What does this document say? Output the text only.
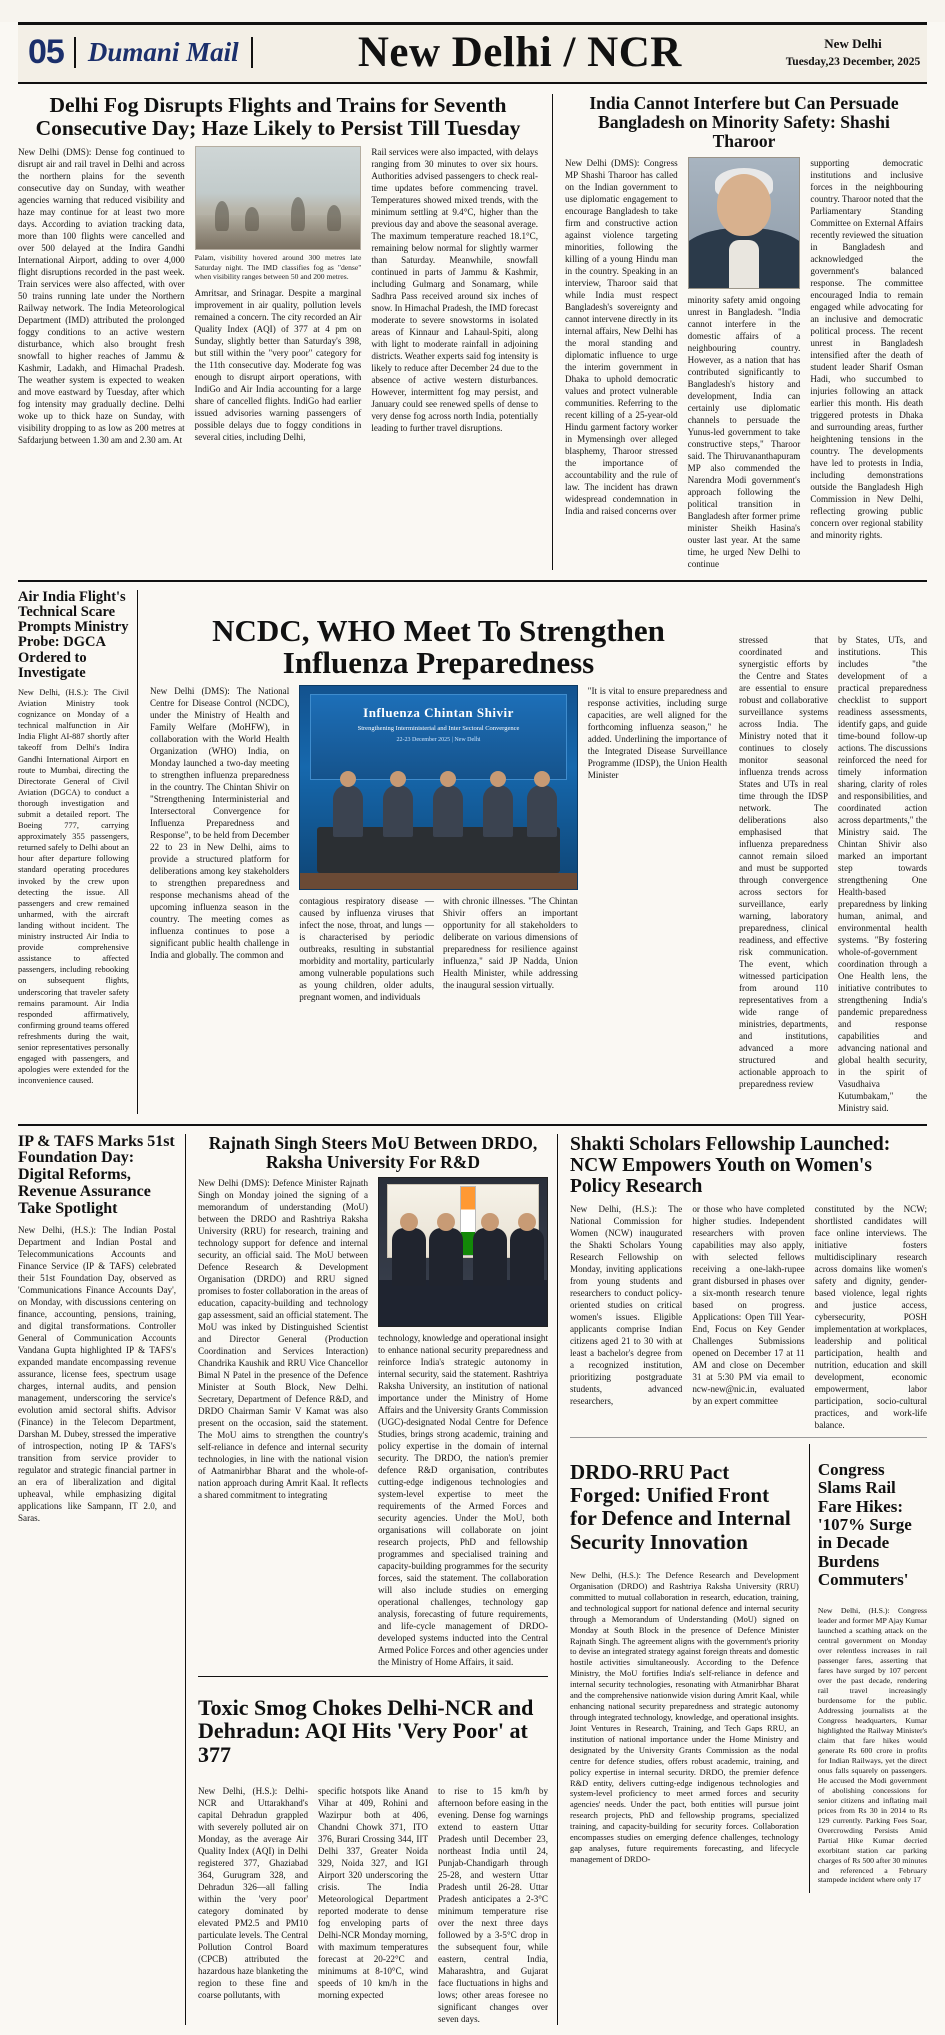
05 Dumani Mail	New Delhi / NCR	New Delhi
Tuesday,23 December, 2025
Delhi Fog Disrupts Flights and Trains for Seventh Consecutive Day; Haze Likely to Persist Till Tuesday

New Delhi (DMS): Dense fog continued to disrupt air and rail travel in Delhi and across the northern plains for the seventh consecutive day on Sunday, with weather agencies warning that reduced visibility and haze may continue for at least two more days. According to aviation tracking data, more than 100 flights were cancelled and over 500 delayed at the Indira Gandhi International Airport, adding to over 4,000 flight disruptions recorded in the past week. Train services were also affected, with over 50 trains running late under the Northern Railway network. The India Meteorological Department (IMD) attributed the prolonged foggy conditions to an active western disturbance, which also brought fresh snowfall to higher reaches of Jammu & Kashmir, Ladakh, and Himachal Pradesh. The weather system is expected to weaken and move eastward by Tuesday, after which fog intensity may gradually decline. Delhi woke up to thick haze on Sunday, with visibility dropping to as low as 200 metres at Safdarjung between 1.30 am and 2.30 am. At

Palam, visibility hovered around 300 metres late Saturday night. The IMD classifies fog as "dense" when visibility ranges between 50 and 200 metres.

Amritsar, and Srinagar. Despite a marginal improvement in air quality, pollution levels remained a concern. The city recorded an Air Quality Index (AQI) of 377 at 4 pm on Sunday, slightly better than Saturday's 398, but still within the "very poor" category for the 11th consecutive day. Moderate fog was enough to disrupt airport operations, with IndiGo and Air India accounting for a large share of cancelled flights. IndiGo had earlier issued advisories warning passengers of possible delays due to foggy conditions in several cities, including Delhi,

Rail services were also impacted, with delays ranging from 30 minutes to over six hours. Authorities advised passengers to check real-time updates before commencing travel. Temperatures showed mixed trends, with the minimum settling at 9.4°C, higher than the previous day and above the seasonal average. The maximum temperature reached 18.1°C, remaining below normal for slightly warmer than Saturday. Meanwhile, snowfall continued in parts of Jammu & Kashmir, including Gulmarg and Sonamarg, while Sadhra Pass received around six inches of snow. In Himachal Pradesh, the IMD forecast moderate to severe snowstorms in isolated areas of Kinnaur and Lahaul-Spiti, along with light to moderate rainfall in adjoining districts. Weather experts said fog intensity is likely to reduce after December 24 due to the absence of active western disturbances. However, intermittent fog may persist, and January could see renewed spells of dense to very dense fog across north India, potentially leading to further travel disruptions.

India Cannot Interfere but Can Persuade Bangladesh on Minority Safety: Shashi Tharoor

New Delhi (DMS): Congress MP Shashi Tharoor has called on the Indian government to use diplomatic engagement to encourage Bangladesh to take firm and constructive action against violence targeting minorities, following the killing of a young Hindu man in the country. Speaking in an interview, Tharoor said that while India must respect Bangladesh's sovereignty and cannot intervene directly in its internal affairs, New Delhi has the moral standing and diplomatic influence to urge the interim government in Dhaka to uphold democratic values and protect vulnerable communities. Referring to the recent killing of a 25-year-old Hindu garment factory worker in Mymensingh over alleged blasphemy, Tharoor stressed the importance of accountability and the rule of law. The incident has drawn widespread condemnation in India and raised concerns over

minority safety amid ongoing unrest in Bangladesh. "India cannot interfere in the domestic affairs of a neighbouring country. However, as a nation that has contributed significantly to Bangladesh's history and development, India can certainly use diplomatic channels to persuade the Yunus-led government to take constructive steps," Tharoor said. The Thiruvananthapuram MP also commended the Narendra Modi government's approach following the political transition in Bangladesh after former prime minister Sheikh Hasina's ouster last year. At the same time, he urged New Delhi to continue

supporting democratic institutions and inclusive forces in the neighbouring country. Tharoor noted that the Parliamentary Standing Committee on External Affairs recently reviewed the situation in Bangladesh and acknowledged the government's balanced response. The committee encouraged India to remain engaged while advocating for an inclusive and democratic political process. The recent unrest in Bangladesh intensified after the death of student leader Sharif Osman Hadi, who succumbed to injuries following an attack earlier this month. His death triggered protests in Dhaka and surrounding areas, further heightening tensions in the country. The developments have led to protests in India, including demonstrations outside the Bangladesh High Commission in New Delhi, reflecting growing public concern over regional stability and minority rights.

Air India Flight's Technical Scare Prompts Ministry Probe: DGCA Ordered to Investigate

New Delhi, (H.S.): The Civil Aviation Ministry took cognizance on Monday of a technical malfunction in Air India Flight AI-887 shortly after takeoff from Delhi's Indira Gandhi International Airport en route to Mumbai, directing the Directorate General of Civil Aviation (DGCA) to conduct a thorough investigation and submit a detailed report. The Boeing 777, carrying approximately 355 passengers, returned safely to Delhi about an hour after departure following standard operating procedures invoked by the crew upon detecting the issue. All passengers and crew remained unharmed, with the aircraft landing without incident. The ministry instructed Air India to provide comprehensive assistance to affected passengers, including rebooking on subsequent flights, underscoring that traveler safety remains paramount. Air India responded affirmatively, confirming ground teams offered refreshments during the wait, senior representatives personally engaged with passengers, and apologies were extended for the inconvenience caused.

NCDC, WHO Meet To Strengthen Influenza Preparedness

New Delhi (DMS): The National Centre for Disease Control (NCDC), under the Ministry of Health and Family Welfare (MoHFW), in collaboration with the World Health Organization (WHO) India, on Monday launched a two-day meeting to strengthen influenza preparedness in the country. The Chintan Shivir on "Strengthening Interministerial and Intersectoral Convergence for Influenza Preparedness and Response", to be held from December 22 to 23 in New Delhi, aims to provide a structured platform for deliberations among key stakeholders to strengthen preparedness and response mechanisms ahead of the upcoming influenza season in the country. The meeting comes as influenza continues to pose a significant public health challenge in India and globally. The common and

Influenza Chintan Shivir
Strengthening Interministerial and Inter Sectoral Convergence
22-23 December 2025 | New Delhi

contagious respiratory disease — caused by influenza viruses that infect the nose, throat, and lungs — is characterised by periodic outbreaks, resulting in substantial morbidity and mortality, particularly among vulnerable populations such as young children, older adults, pregnant women, and individuals

with chronic illnesses. "The Chintan Shivir offers an important opportunity for all stakeholders to deliberate on various dimensions of preparedness for resilience against influenza," said JP Nadda, Union Health Minister, while addressing the inaugural session virtually.

"It is vital to ensure preparedness and response activities, including surge capacities, are well aligned for the forthcoming influenza season," he added. Underlining the importance of the Integrated Disease Surveillance Programme (IDSP), the Union Health Minister

stressed that coordinated and synergistic efforts by the Centre and States are essential to ensure robust and collaborative surveillance systems across India. The Ministry noted that it continues to closely monitor seasonal influenza trends across States and UTs in real time through the IDSP network. The deliberations also emphasised that influenza preparedness cannot remain siloed and must be supported through convergence across sectors for surveillance, early warning, laboratory preparedness, clinical readiness, and effective risk communication. The event, which witnessed participation from around 110 representatives from a wide range of ministries, departments, and institutions, advanced a more structured and actionable approach to preparedness review

by States, UTs, and institutions. This includes "the development of a practical preparedness checklist to support readiness assessments, identify gaps, and guide time-bound follow-up actions. The discussions reinforced the need for timely information sharing, clarity of roles and responsibilities, and coordinated action across departments," the Ministry said. The Chintan Shivir also marked an important step towards strengthening One Health-based preparedness by linking human, animal, and environmental health systems. "By fostering whole-of-government coordination through a One Health lens, the initiative contributes to strengthening India's pandemic preparedness and response capabilities and advancing national and global health security, in the spirit of Vasudhaiva Kutumbakam," the Ministry said.

IP & TAFS Marks 51st Foundation Day: Digital Reforms, Revenue Assurance Take Spotlight

New Delhi, (H.S.): The Indian Postal Department and Indian Postal and Telecommunications Accounts and Finance Service (IP & TAFS) celebrated their 51st Foundation Day, observed as 'Communications Finance Accounts Day', on Monday, with discussions centering on finance, accounting, pensions, training, and digital transformations. Controller General of Communication Accounts Vandana Gupta highlighted IP & TAFS's expanded mandate encompassing revenue assurance, license fees, spectrum usage charges, internal audits, and pension management, underscoring the service's evolution amid sectoral shifts. Advisor (Finance) in the Telecom Department, Darshan M. Dubey, stressed the imperative of introspection, noting IP & TAFS's transition from service provider to regulator and strategic financial partner in an era of liberalization and digital upheaval, while emphasizing digital applications like Sampann, IT 2.0, and Saras.

Rajnath Singh Steers MoU Between DRDO, Raksha University For R&D

New Delhi (DMS): Defence Minister Rajnath Singh on Monday joined the signing of a memorandum of understanding (MoU) between the DRDO and Rashtriya Raksha University (RRU) for research, training and technology support for defence and internal security, an official said. The MoU between Defence Research & Development Organisation (DRDO) and RRU signed promises to foster collaboration in the areas of education, capacity-building and technology gap assessment, said an official statement. The MoU was inked by Distinguished Scientist and Director General (Production Coordination and Services Interaction) Chandrika Kaushik and RRU Vice Chancellor Bimal N Patel in the presence of the Defence Minister at South Block, New Delhi. Secretary, Department of Defence R&D, and DRDO Chairman Samir V Kamat was also present on the occasion, said the statement. The MoU aims to strengthen the country's self-reliance in defence and internal security technologies, in line with the national vision of Aatmanirbhar Bharat and the whole-of-nation approach during Amrit Kaal. It reflects a shared commitment to integrating

technology, knowledge and operational insight to enhance national security preparedness and reinforce India's strategic autonomy in internal security, said the statement. Rashtriya Raksha University, an institution of national importance under the Ministry of Home Affairs and the University Grants Commission (UGC)-designated Nodal Centre for Defence Studies, brings strong academic, training and policy expertise in the domain of internal security. The DRDO, the nation's premier defence R&D organisation, contributes cutting-edge indigenous technologies and system-level expertise to meet the requirements of the Armed Forces and security agencies. Under the MoU, both organisations will collaborate on joint research projects, PhD and fellowship programmes and specialised training and capacity-building programmes for the security forces, said the statement. The collaboration will also include studies on emerging operational challenges, technology gap analysis, forecasting of future requirements, and life-cycle management of DRDO-developed systems inducted into the Central Armed Police Forces and other agencies under the Ministry of Home Affairs, it said.

Toxic Smog Chokes Delhi-NCR and Dehradun: AQI Hits 'Very Poor' at 377

New Delhi, (H.S.): Delhi-NCR and Uttarakhand's capital Dehradun grappled with severely polluted air on Monday, as the average Air Quality Index (AQI) in Delhi registered 377, Ghaziabad 364, Gurugram 328, and Dehradun 326—all falling within the 'very poor' category dominated by elevated PM2.5 and PM10 particulate levels. The Central Pollution Control Board (CPCB) attributed the hazardous haze blanketing the region to these fine and coarse pollutants, with

specific hotspots like Anand Vihar at 409, Rohini and Wazirpur both at 406, Chandni Chowk 371, ITO 376, Burari Crossing 344, IIT Delhi 337, Greater Noida 329, Noida 327, and IGI Airport 320 underscoring the crisis. The India Meteorological Department reported moderate to dense fog enveloping parts of Delhi-NCR Monday morning, with maximum temperatures forecast at 20-22°C and minimums at 8-10°C, wind speeds of 10 km/h in the morning expected

to rise to 15 km/h by afternoon before easing in the evening. Dense fog warnings extend to eastern Uttar Pradesh until December 23, northeast India until 24, Punjab-Chandigarh through 25-28, and western Uttar Pradesh until 26-28. Uttar Pradesh anticipates a 2-3°C minimum temperature rise over the next three days followed by a 3-5°C drop in the subsequent four, while eastern, central India, Maharashtra, and Gujarat face fluctuations in highs and lows; other areas foresee no significant changes over seven days.

Shakti Scholars Fellowship Launched: NCW Empowers Youth on Women's Policy Research

New Delhi, (H.S.): The National Commission for Women (NCW) inaugurated the Shakti Scholars Young Research Fellowship on Monday, inviting applications from young students and researchers to conduct policy-oriented studies on critical women's issues. Eligible applicants comprise Indian citizens aged 21 to 30 with at least a bachelor's degree from a recognized institution, prioritizing postgraduate students, advanced researchers,

or those who have completed higher studies. Independent researchers with proven capabilities may also apply, with selected fellows receiving a one-lakh-rupee grant disbursed in phases over a six-month research tenure based on progress. Applications: Open Till Year-End, Focus on Key Gender Challenges Submissions opened on December 17 at 11 AM and close on December 31 at 5:30 PM via email to ncw-new@nic.in, evaluated by an expert committee

constituted by the NCW; shortlisted candidates will face online interviews. The initiative fosters multidisciplinary research across domains like women's safety and dignity, gender-based violence, legal rights and justice access, cybersecurity, POSH implementation at workplaces, leadership and political participation, health and nutrition, education and skill development, economic empowerment, labor participation, socio-cultural practices, and work-life balance.

DRDO-RRU Pact Forged: Unified Front for Defence and Internal Security Innovation

New Delhi, (H.S.): The Defence Research and Development Organisation (DRDO) and Rashtriya Raksha University (RRU) committed to mutual collaboration in research, education, training, and technological support for national defence and internal security through a Memorandum of Understanding (MoU) signed on Monday at South Block in the presence of Defence Minister Rajnath Singh. The agreement aligns with the government's priority to devise an integrated strategy against foreign threats and domestic hostile activities simultaneously. According to the Defence Ministry, the MoU fortifies India's self-reliance in defence and internal security technologies, resonating with Atmanirbhar Bharat and the comprehensive nationwide vision during Amrit Kaal, while enhancing national security preparedness and strategic autonomy through integrated technology, knowledge, and operational insights. Joint Ventures in Research, Training, and Tech Gaps RRU, an institution of national importance under the Home Ministry and designated by the University Grants Commission as the nodal centre for defence studies, offers robust academic, training, and policy expertise in internal security. DRDO, the premier defence R&D entity, delivers cutting-edge indigenous technologies and system-level proficiency to meet armed forces and security agencies' needs. Under the pact, both entities will pursue joint research projects, PhD and fellowship programs, specialized training, and capacity-building for security forces. Collaboration encompasses studies on emerging defence challenges, technology gap analyses, future requirements forecasting, and lifecycle management of DRDO-

Congress Slams Rail Fare Hikes: '107% Surge in Decade Burdens Commuters'

New Delhi, (H.S.): Congress leader and former MP Ajay Kumar launched a scathing attack on the central government on Monday over relentless increases in rail passenger fares, asserting that fares have surged by 107 percent over the past decade, rendering rail travel increasingly burdensome for the public. Addressing journalists at the Congress headquarters, Kumar highlighted the Railway Minister's claim that fare hikes would generate Rs 600 crore in profits for Indian Railways, yet the direct onus falls squarely on passengers. He accused the Modi government of abolishing concessions for senior citizens and inflating mail prices from Rs 30 in 2014 to Rs 129 currently. Parking Fees Soar, Overcrowding Persists Amid Partial Hike Kumar decried exorbitant station car parking charges of Rs 500 after 30 minutes and referenced a February stampede incident where only 17
